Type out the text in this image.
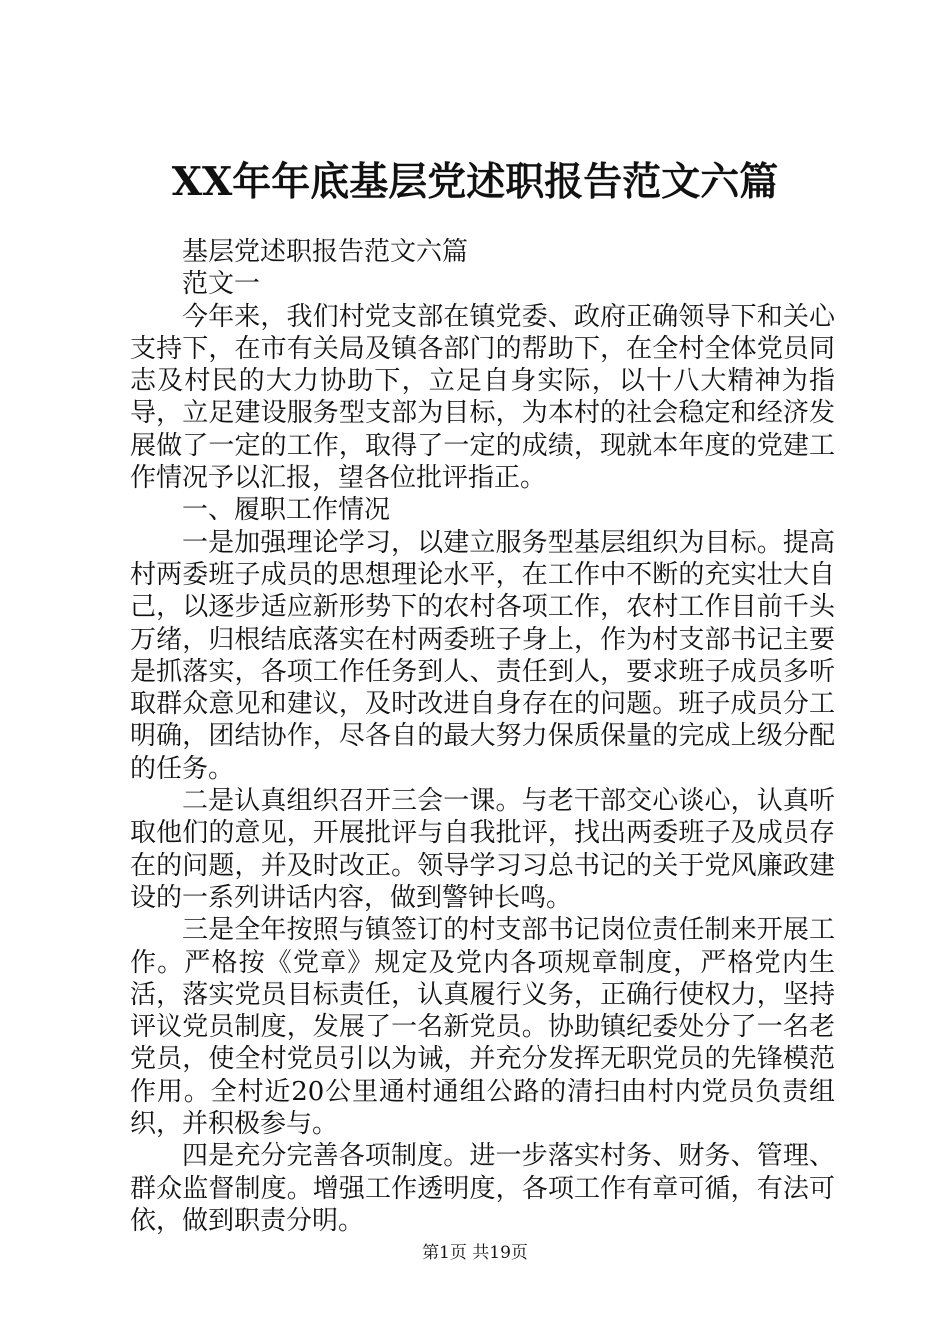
XX年年底基层党述职报告范文六篇

基层党述职报告范文六篇

范文一

今年来，我们村党支部在镇党委、政府正确领导下和关心支持下，在市有关局及镇各部门的帮助下，在全村全体党员同志及村民的大力协助下，立足自身实际，以十八大精神为指导，立足建设服务型支部为目标，为本村的社会稳定和经济发展做了一定的工作，取得了一定的成绩，现就本年度的党建工作情况予以汇报，望各位批评指正。

一、履职工作情况

一是加强理论学习，以建立服务型基层组织为目标。提高村两委班子成员的思想理论水平，在工作中不断的充实壮大自己，以逐步适应新形势下的农村各项工作，农村工作目前千头万绪，归根结底落实在村两委班子身上，作为村支部书记主要是抓落实，各项工作任务到人、责任到人，要求班子成员多听取群众意见和建议，及时改进自身存在的问题。班子成员分工明确，团结协作，尽各自的最大努力保质保量的完成上级分配的任务。

二是认真组织召开三会一课。与老干部交心谈心，认真听取他们的意见，开展批评与自我批评，找出两委班子及成员存在的问题，并及时改正。领导学习习总书记的关于党风廉政建设的一系列讲话内容，做到警钟长鸣。

三是全年按照与镇签订的村支部书记岗位责任制来开展工作。严格按《党章》规定及党内各项规章制度，严格党内生活，落实党员目标责任，认真履行义务，正确行使权力，坚持评议党员制度，发展了一名新党员。协助镇纪委处分了一名老党员，使全村党员引以为诫，并充分发挥无职党员的先锋模范作用。全村近20公里通村通组公路的清扫由村内党员负责组织，并积极参与。

四是充分完善各项制度。进一步落实村务、财务、管理、群众监督制度。增强工作透明度，各项工作有章可循，有法可依，做到职责分明。

第1页 共19页
